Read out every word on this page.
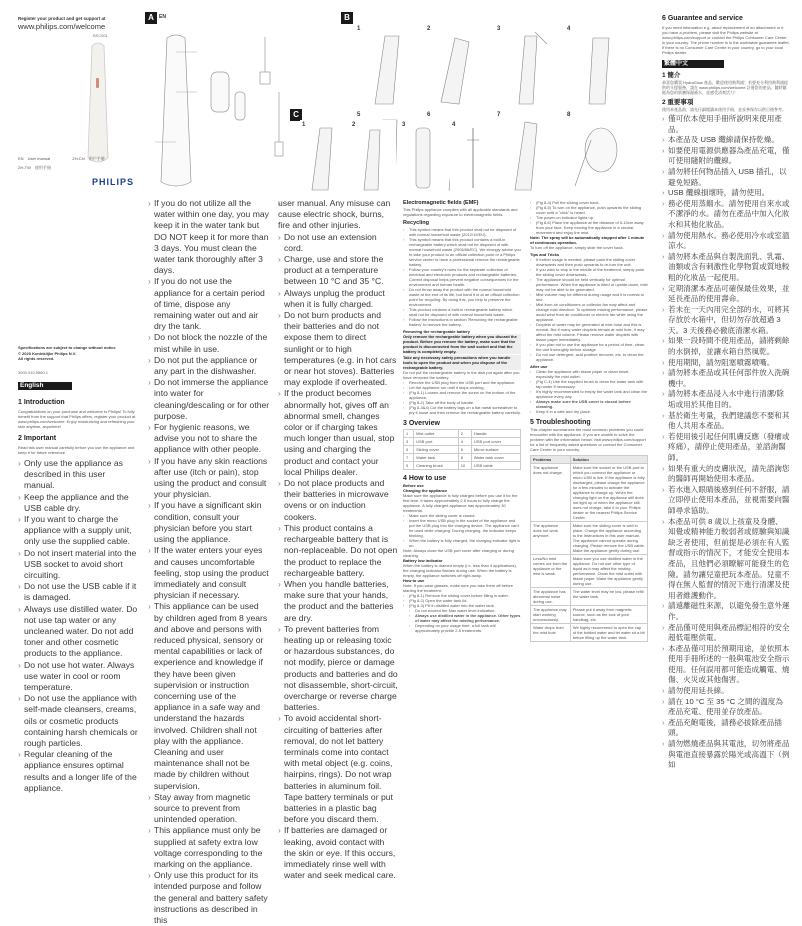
Register your product and get support at
www.philips.com/welcome
BSC601
EN User manual	ZH-CN 用户手册
ZH-TW 使用手冊
PHILIPS
Specifications are subject to change without notice
© 2020 Koninklijke Philips N.V.
All rights reserved.
3000.010.9560.1
A	EN	B
1	2	3	4
5	6	7	8
C
1	2	3	4
English
1 Introduction
Congratulations on your purchase and welcome to Philips! To fully benefit from the support that Philips offers, register your product at www.philips.com/welcome. Enjoy moisturizing and refreshing your skin anytime, anywhere!
2 Important
Read this user manual carefully before you use the appliance and keep it for future reference.
› Only use the appliance as described in this user manual.
› Keep the appliance and the USB cable dry.
› If you want to charge the appliance with a supply unit, only use the supplied cable.
› Do not insert material into the USB socket to avoid short circuiting.
› Do not use the USB cable if it is damaged.
› Always use distilled water. Do not use tap water or any uncleaned water. Do not add toner and other cosmetic products to the appliance.
› Do not use hot water. Always use water in cool or room temperature.
› Do not use the appliance with self-made cleansers, creams, oils or cosmetic products containing harsh chemicals or rough particles.
› Regular cleaning of the appliance ensures optimal results and a longer life of the appliance.
› If you do not utilize all the water within one day, you may keep it in the water tank but DO NOT keep it for more than 3 days. You must clean the water tank thoroughly after 3 days.
› If you do not use the appliance for a certain period of time, dispose any remaining water out and air dry the tank.
› Do not block the nozzle of the mist while in use.
› Do not put the appliance or any part in the dishwasher.
› Do not immerse the appliance into water for cleaning/descaling or for other purpose.
› For hygienic reasons, we advise you not to share the appliance with other people.
› If you have any skin reactions after use (itch or pain), stop using the product and consult your physician.
› If you have a significant skin condition, consult your physician before you start using the appliance.
› If the water enters your eyes and causes uncomfortable feeling, stop using the product immediately and consult physician if necessary.
› This appliance can be used by children aged from 8 years and above and persons with reduced physical, sensory or mental capabilities or lack of experience and knowledge if they have been given supervision or instruction concerning use of the appliance in a safe way and understand the hazards involved. Children shall not play with the appliance. Cleaning and user maintenance shall not be made by children without supervision.
› Stay away from magnetic source to prevent from unintended operation.
› This appliance must only be supplied at safety extra low voltage corresponding to the marking on the appliance.
› Only use this product for its intended purpose and follow the general and battery safety instructions as described in this
› user manual. Any misuse can cause electric shock, burns, fire and other injuries.
› Do not use an extension cord.
› Charge, use and store the product at a temperature between 10 °C and 35 °C.
› Always unplug the product when it is fully charged.
› Do not burn products and their batteries and do not expose them to direct sunlight or to high temperatures (e.g. in hot cars or near hot stoves). Batteries may explode if overheated.
› If the product becomes abnormally hot, gives off an abnormal smell, changes color or if charging takes much longer than usual, stop using and charging the product and contact your local Philips dealer.
› Do not place products and their batteries in microwave ovens or on induction cookers.
› This product contains a rechargeable battery that is non-replaceable. Do not open the product to replace the rechargeable battery.
› When you handle batteries, make sure that your hands, the product and the batteries are dry.
› To prevent batteries from heating up or releasing toxic or hazardous substances, do not modify, pierce or damage products and batteries and do not disassemble, short-circuit, overcharge or reverse charge batteries.
› To avoid accidental short-circuiting of batteries after removal, do not let battery terminals come into contact with metal object (e.g. coins, hairpins, rings). Do not wrap batteries in aluminum foil. Tape battery terminals or put batteries in a plastic bag before you discard them.
› If batteries are damaged or leaking, avoid contact with the skin or eye. If this occurs, immediately rinse well with water and seek medical care.
Electromagnetic fields (EMF)
This Philips appliance complies with all applicable standards and regulations regarding exposure to electromagnetic fields.
Recycling
› This symbol means that this product shall not be disposed of with normal household waste (2012/19/EU).
› This symbol means that this product contains a built-in rechargeable battery which shall not be disposed of with normal household waste (2006/66/EC). We strongly advise you to take your product to an official collection point or a Philips service center to have a professional remove the rechargeable battery.
› Follow your country's rules for the separate collection of electrical and electronic products and rechargeable batteries. Correct disposal helps prevent negative consequences for the environment and human health.
› Do not throw away the product with the normal household waste at the end of its life, but hand it in at an official collection point for recycling. By doing this, you help to preserve the environment.
› This product contains a built-in rechargeable battery which shall not be disposed of with normal household waste.
› Follow the instructions in section 'Removing the rechargeable battery' to remove the battery.
Removing the rechargeable battery
Only remove the rechargeable battery when you discard the product. Before you remove the battery, make sure that the product is disconnected from the wall socket and that the battery is completely empty.
Take any necessary safety precautions when you handle tools to open the product and when you dispose of the rechargeable battery.
Do not put the rechargeable battery in the dish pot again after you have removed the battery.
› Remove the USB plug from the USB port and the appliance.
› Let the appliance run until it stops working.
› (Fig 8-1) Loosen and remove the screw on the bottom of the appliance.
› (Fig 8-2) Take off the body of handle.
› (Fig 8-3&4) Cut the battery tags on a flat metal screwdriver to pry it loose and then remove the rechargeable battery carefully.
3 Overview
1	Mist outlet	2	Handle
3	USB port	4	USB port cover
5	Sliding cover	6	Mirror surface
7	Water tank	8	Water tank cover
9	Cleaning brush	10	USB cable
4 How to use
Before use
Charging the appliance
Make sure the appliance is fully charged before you use it for the first time. It takes approximately 2.5 hours to fully charge the appliance. A fully charged appliance has approximately 30 treatments.
› Make sure the sliding cover is closed.
› Insert the micro USB plug in the socket of the appliance and put the USB plug into the charging device. The appliance can't be used while charging. During charging, the indicator keeps blinking.
› When the battery is fully charged, the charging indicator light is on.
Note: Always close the USB port cover after charging or during cleaning.
Battery low indicator
When the battery is drained empty (i.e. less than 4 applications), the charging indicator flashes during use. When the battery is empty, the appliance switches off right away.
How to use
Note: If you wear glasses, make sure you take them off before starting the treatment.
› (Fig 8-1) Remove the sliding cover before filling in water.
› (Fig 8-2) Open the water tank lid.
› (Fig 8-3) Fill in distilled water into the water tank.
› Do not exceed the Max water level indication.
› Always use distilled water in the appliance. Other types of water may affect the misting performance.
› Depending on your usage time, a full tank will approximately provide 2-5 treatments.
› (Fig 8-4) Pull the sliding cover back.
› (Fig 8-5) To turn on the appliance, push upwards the sliding cover until a "click" is heard.
› The power-on indicator lights up.
› (Fig 8-6) Place the appliance at the distance of 5-10cm away from your face. Keep moving the appliance in a circular movement and enjoy the mist.
Note: The spray will be automatically stopped after 1 minute of continuous operation.
To turn off the appliance, simply slide the cover back.
Tips and Tricks
› If further usage is needed, please push the sliding cover downwards and then push upwards to re-turn the unit.
› If you wish to stop in the middle of the treatment, simply push the sliding cover downwards.
› The appliance should be held vertically for optimal performance. When the appliance is tilted or upside-down, mist may not be able to be generated.
› Mist volume may be different during usage and it is normal to see.
› Mist from air conditioners or collector fan may affect and change mist direction. To optimize misting performance, please avoid wind from air conditioner or electric fan while using the appliance.
› Droplets of water may be generated at mist hose and this is normal. But if many water droplets remain at mist hole, it may affect the mist volume. Please remove water droplets with tissue paper immediately.
› If you plan not to use the appliance for a period of time, clean the unit thoroughly before storage.
› Do not use detergent, acid positive remover, etc. to clean the appliance.
After use
› Clean the appliance with tissue paper or clean towel, especially the mist outlet.
› (Fig C-4) Use the supplied brush to clean the water tank with tap water if necessary.
› It's highly recommended to empty the water tank and clean the appliance every day.
› Always make sure the USB cover is closed before cleaning.
› Keep it in a safe and dry place.
5 Troubleshooting
This chapter summarizes the most common problems you could encounter with the appliance. If you are unable to solve the problem with the information below, visit www.philips.com/support for a list of frequently asked questions or contact the Consumer Care Center in your country.
Problems	Solution
The appliance does not charge.	Make sure the socket or the USB port to which you connect the appliance or micro USB is live. If the appliance is fully discharged, please charge the appliance for a few minutes to activate the appliance to charge up. When the charging light on the appliance still does not light up or when the appliance still does not charge, take it to your Philips dealer or the nearest Philips Service Center.
The appliance does not work anymore.	Make sure the sliding cover is well in place. Charge the appliance according to the instructions in this user manual. The appliance cannot operate during charging. Please remove the USB cable. Make the appliance gently during use.
Less/No mist comes out from the appliance or the mist is weak.	Make sure you use distilled water in the appliance. Do not use other type of liquid as it may affect the misting performance. Clean the mist outlet with tissue paper. Make the appliance gently during use.
The appliance has abnormal noise during use.	The water level may be low, please refill the water tank.
The appliance may start working unconsciously.	Please put it away from magnetic source, such as the lock of your handbag, etc.
Water drops from the mist hole.	We highly recommend to open the cap of the bottled water and let water sit a bit before filling up the water tank.
6 Guarantee and service
If you need information e.g. about replacement of an attachment or if you have a problem, please visit the Philips website at www.philips.com/support or contact the Philips Consumer Care Center in your country. The phone number is in the worldwide guarantee leaflet. If there is no Consumer Care Centre in your country, go to your local Philips dealer.
繁體中文
1 簡介
恭喜您購買 HydraGlow 產品，歡迎使用飛利浦！若要充分利用飛利浦提供的支援服務，請在 www.philips.com/welcome 註冊您的產品。隨時隨地為您的肌膚保濕補水，並感受清爽活力！
2 重要事項
使用本產品前，請先仔細閱讀本使用手冊，並妥善保存以供日後參考。
› 僅可依本使用手冊所說明來使用產品。
› 本產品及 USB 纜線請保持乾燥。
› 如要使用電源供應器為產品充電，僅可使用隨附的纜線。
› 請勿將任何物品插入 USB 插孔，以避免短路。
› USB 纜線損壞時，請勿使用。
› 務必使用蒸餾水。請勿使用自來水或不潔淨的水。請勿在產品中加入化妝水和其他化妝品。
› 請勿使用熱水。務必使用冷水或室溫涼水。
› 請勿將本產品與自製洗面乳、乳霜、油類或含有刺激性化學物質或質地較粗的化妝品一起使用。
› 定期清潔本產品可確保最佳效果，並延長產品的使用壽命。
› 若未在一天內用完全部的水，可將其存放於水箱中，但切勿存放超過 3 天。3 天後務必徹底清潔水箱。
› 如果一段時間不使用產品，請將剩餘的水倒掉，並讓水箱自然風乾。
› 使用期間，請勿阻塞噴霧噴嘴。
› 請勿將本產品或其任何部件放入洗碗機中。
› 請勿將本產品浸入水中進行清潔/除垢或用於其他目的。
› 基於衛生考量，我們建議您不要和其他人共用本產品。
› 若使用後引起任何肌膚反應（發癢或疼痛），請停止使用產品，並諮詢醫師。
› 如果有重大的皮膚狀況，請先諮詢您的醫師再開始使用本產品。
› 若水進入眼睛後感到任何不舒服，請立即停止使用本產品，並視需要向醫師尋求協助。
› 本產品可供 8 歲以上孩童及身體、知覺或精神能力較弱者或經驗與知識缺乏者使用，但前提是必須在有人監督或指示的情況下，才能安全使用本產品，且他們必須瞭解可能發生的危險。請勿讓兒童把玩本產品。兒童不得在無人監督的情況下進行清潔及使用者維護動作。
› 請遠離磁性來源，以避免發生意外運作。
› 產品僅可使用與產品標記相符的安全超低電壓供電。
› 本產品僅可用於預期用途，並依照本使用手冊所述的一般與電池安全指示使用。任何誤用都可能造成觸電、燒傷、火災或其他傷害。
› 請勿使用延長線。
› 請在 10 °C 至 35 °C 之間的溫度為產品充電、使用並存放產品。
› 產品充飽電後，請務必拔除產品插頭。
› 請勿燃燒產品與其電池，切勿將產品與電池直接暴露於陽光或高溫下（例如
